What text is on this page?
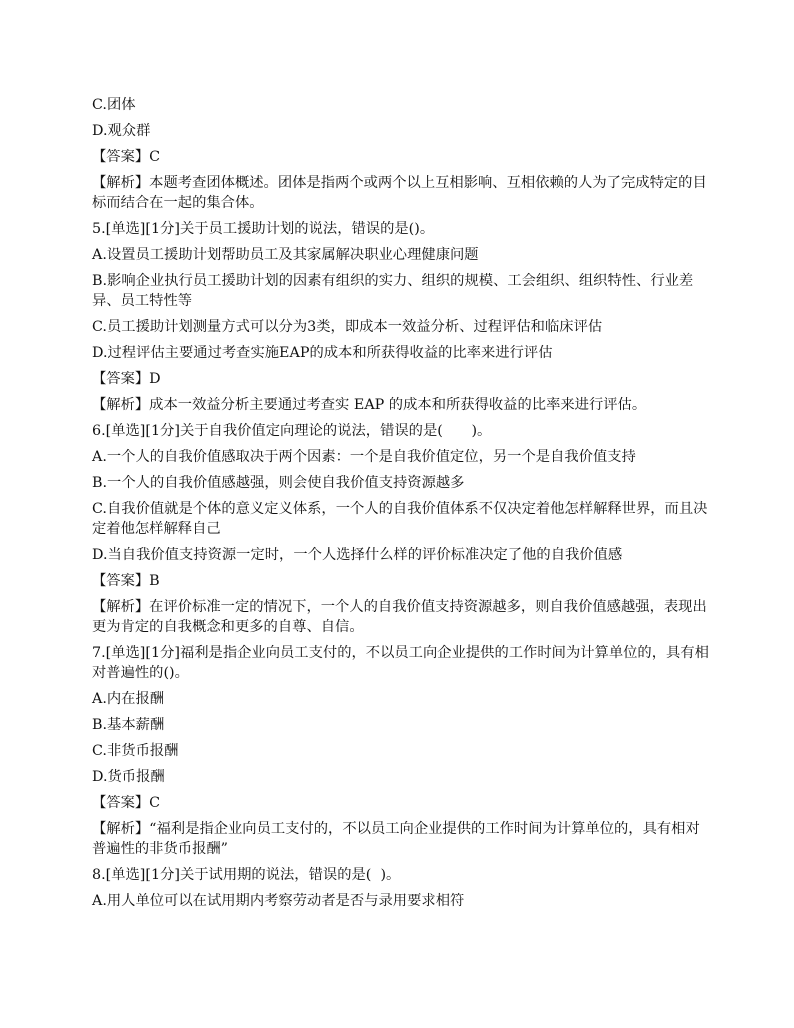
C.团体
D.观众群
【答案】C
【解析】本题考查团体概述。团体是指两个或两个以上互相影响、互相依赖的人为了完成特定的目标而结合在一起的集合体。
5.[单选][1分]关于员工援助计划的说法，错误的是()。
A.设置员工援助计划帮助员工及其家属解决职业心理健康问题
B.影响企业执行员工援助计划的因素有组织的实力、组织的规模、工会组织、组织特性、行业差异、员工特性等
C.员工援助计划测量方式可以分为3类，即成本一效益分析、过程评估和临床评估
D.过程评估主要通过考查实施EAP的成本和所获得收益的比率来进行评估
【答案】D
【解析】成本一效益分析主要通过考查实 EAP 的成本和所获得收益的比率来进行评估。
6.[单选][1分]关于自我价值定向理论的说法，错误的是(　　)。
A.一个人的自我价值感取决于两个因素：一个是自我价值定位，另一个是自我价值支持
B.一个人的自我价值感越强，则会使自我价值支持资源越多
C.自我价值就是个体的意义定义体系，一个人的自我价值体系不仅决定着他怎样解释世界，而且决定着他怎样解释自己
D.当自我价值支持资源一定时，一个人选择什么样的评价标准决定了他的自我价值感
【答案】B
【解析】在评价标准一定的情况下，一个人的自我价值支持资源越多，则自我价值感越强，表现出更为肯定的自我概念和更多的自尊、自信。
7.[单选][1分]福利是指企业向员工支付的，不以员工向企业提供的工作时间为计算单位的，具有相对普遍性的()。
A.内在报酬
B.基本薪酬
C.非货币报酬
D.货币报酬
【答案】C
【解析】“福利是指企业向员工支付的，不以员工向企业提供的工作时间为计算单位的，具有相对普遍性的非货币报酬”
8.[单选][1分]关于试用期的说法，错误的是(  )。
A.用人单位可以在试用期内考察劳动者是否与录用要求相符
